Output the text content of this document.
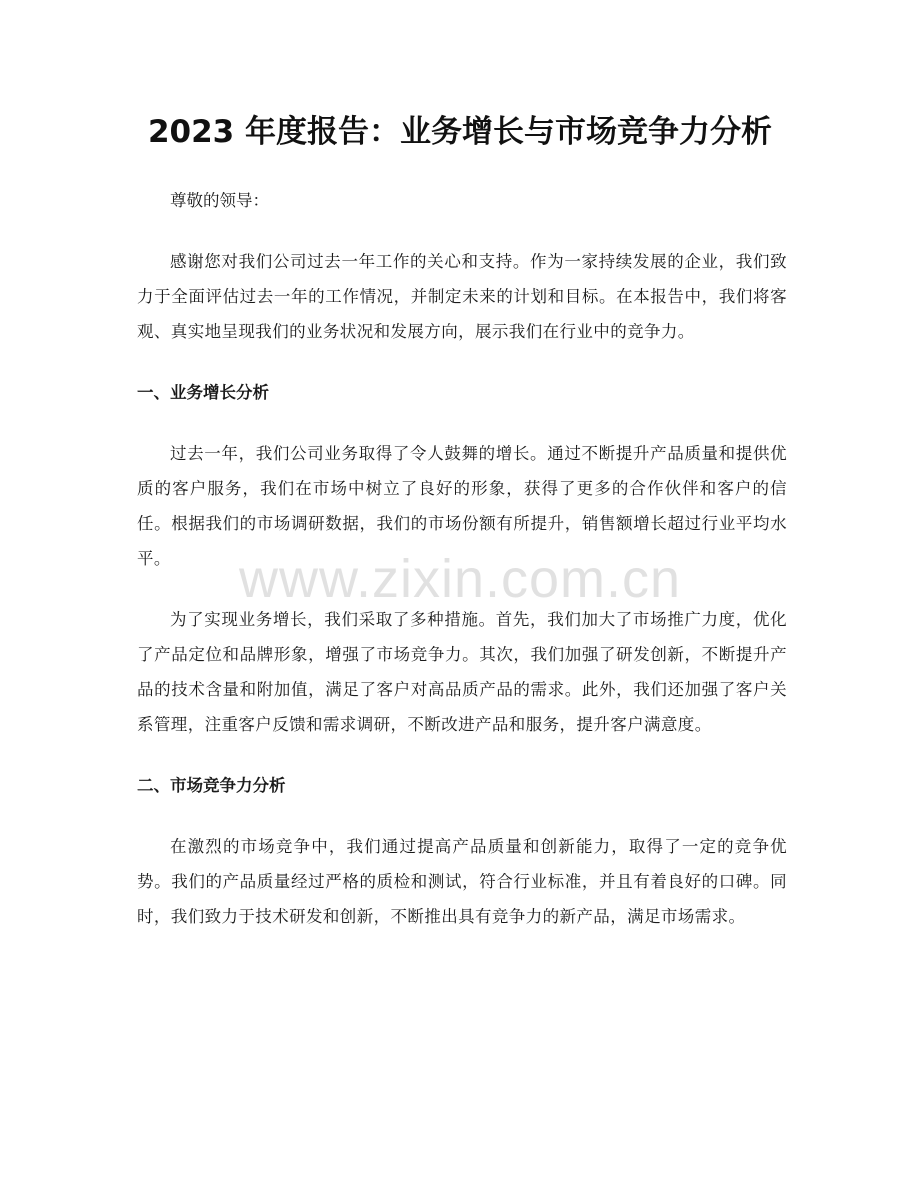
2023 年度报告：业务增长与市场竞争力分析

尊敬的领导：

感谢您对我们公司过去一年工作的关心和支持。作为一家持续发展的企业，我们致力于全面评估过去一年的工作情况，并制定未来的计划和目标。在本报告中，我们将客观、真实地呈现我们的业务状况和发展方向，展示我们在行业中的竞争力。

一、业务增长分析

过去一年，我们公司业务取得了令人鼓舞的增长。通过不断提升产品质量和提供优质的客户服务，我们在市场中树立了良好的形象，获得了更多的合作伙伴和客户的信任。根据我们的市场调研数据，我们的市场份额有所提升，销售额增长超过行业平均水平。

为了实现业务增长，我们采取了多种措施。首先，我们加大了市场推广力度，优化了产品定位和品牌形象，增强了市场竞争力。其次，我们加强了研发创新，不断提升产品的技术含量和附加值，满足了客户对高品质产品的需求。此外，我们还加强了客户关系管理，注重客户反馈和需求调研，不断改进产品和服务，提升客户满意度。

二、市场竞争力分析

在激烈的市场竞争中，我们通过提高产品质量和创新能力，取得了一定的竞争优势。我们的产品质量经过严格的质检和测试，符合行业标准，并且有着良好的口碑。同时，我们致力于技术研发和创新，不断推出具有竞争力的新产品，满足市场需求。

www.zixin.com.cn
